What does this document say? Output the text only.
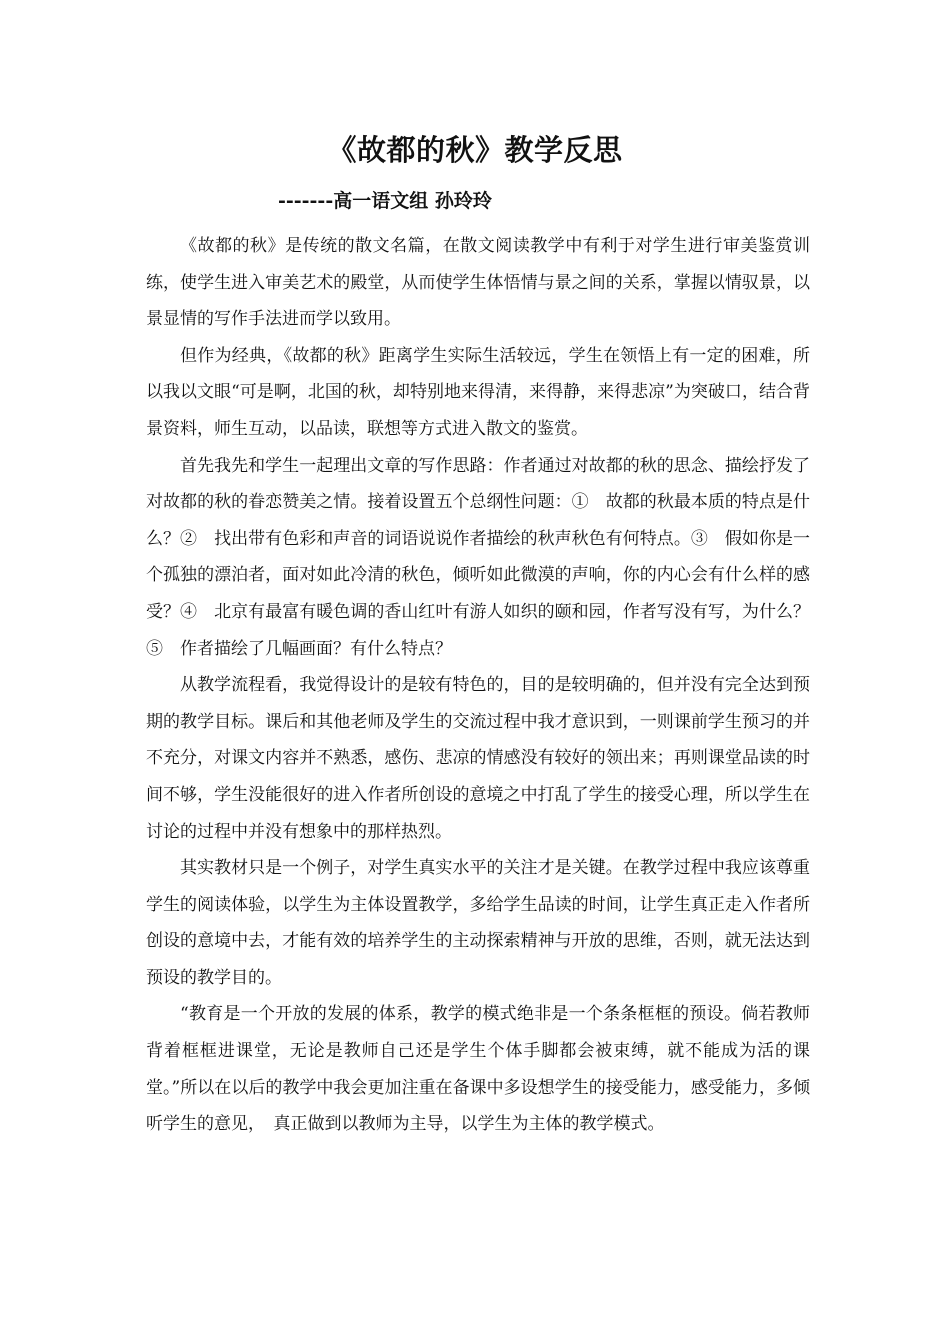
《故都的秋》教学反思

-------高一语文组 孙玲玲

《故都的秋》是传统的散文名篇，在散文阅读教学中有利于对学生进行审美鉴赏训练，使学生进入审美艺术的殿堂，从而使学生体悟情与景之间的关系，掌握以情驭景，以景显情的写作手法进而学以致用。

但作为经典，《故都的秋》距离学生实际生活较远，学生在领悟上有一定的困难，所以我以文眼“可是啊，北国的秋，却特别地来得清，来得静，来得悲凉”为突破口，结合背景资料，师生互动，以品读，联想等方式进入散文的鉴赏。

首先我先和学生一起理出文章的写作思路：作者通过对故都的秋的思念、描绘抒发了对故都的秋的眷恋赞美之情。接着设置五个总纲性问题：①　故都的秋最本质的特点是什么？②　找出带有色彩和声音的词语说说作者描绘的秋声秋色有何特点。③　假如你是一个孤独的漂泊者，面对如此冷清的秋色，倾听如此微漠的声响，你的内心会有什么样的感受？④　北京有最富有暖色调的香山红叶有游人如织的颐和园，作者写没有写，为什么？⑤　作者描绘了几幅画面？有什么特点？

从教学流程看，我觉得设计的是较有特色的，目的是较明确的，但并没有完全达到预期的教学目标。课后和其他老师及学生的交流过程中我才意识到，一则课前学生预习的并不充分，对课文内容并不熟悉，感伤、悲凉的情感没有较好的领出来；再则课堂品读的时间不够，学生没能很好的进入作者所创设的意境之中打乱了学生的接受心理，所以学生在讨论的过程中并没有想象中的那样热烈。

其实教材只是一个例子，对学生真实水平的关注才是关键。在教学过程中我应该尊重学生的阅读体验，以学生为主体设置教学，多给学生品读的时间，让学生真正走入作者所创设的意境中去，才能有效的培养学生的主动探索精神与开放的思维，否则，就无法达到预设的教学目的。

“教育是一个开放的发展的体系，教学的模式绝非是一个条条框框的预设。倘若教师背着框框进课堂，无论是教师自己还是学生个体手脚都会被束缚，就不能成为活的课堂。”所以在以后的教学中我会更加注重在备课中多设想学生的接受能力，感受能力，多倾听学生的意见，　真正做到以教师为主导，以学生为主体的教学模式。
